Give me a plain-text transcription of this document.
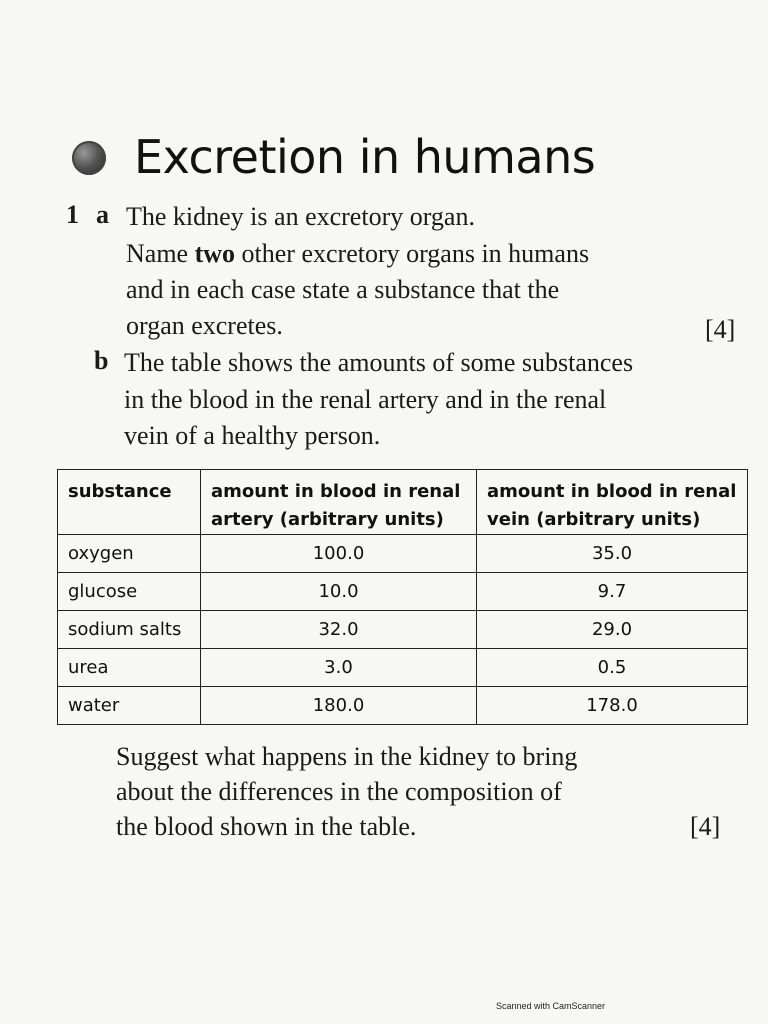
Excretion in humans
1 a The kidney is an excretory organ.
Name two other excretory organs in humans
and in each case state a substance that the
organ excretes.	[4]
b The table shows the amounts of some substances
in the blood in the renal artery and in the renal
vein of a healthy person.
substance	amount in blood in renal artery (arbitrary units)	amount in blood in renal vein (arbitrary units)
oxygen	100.0	35.0
glucose	10.0	9.7
sodium salts	32.0	29.0
urea	3.0	0.5
water	180.0	178.0
Suggest what happens in the kidney to bring
about the differences in the composition of
the blood shown in the table.	[4]
Scanned with CamScanner
